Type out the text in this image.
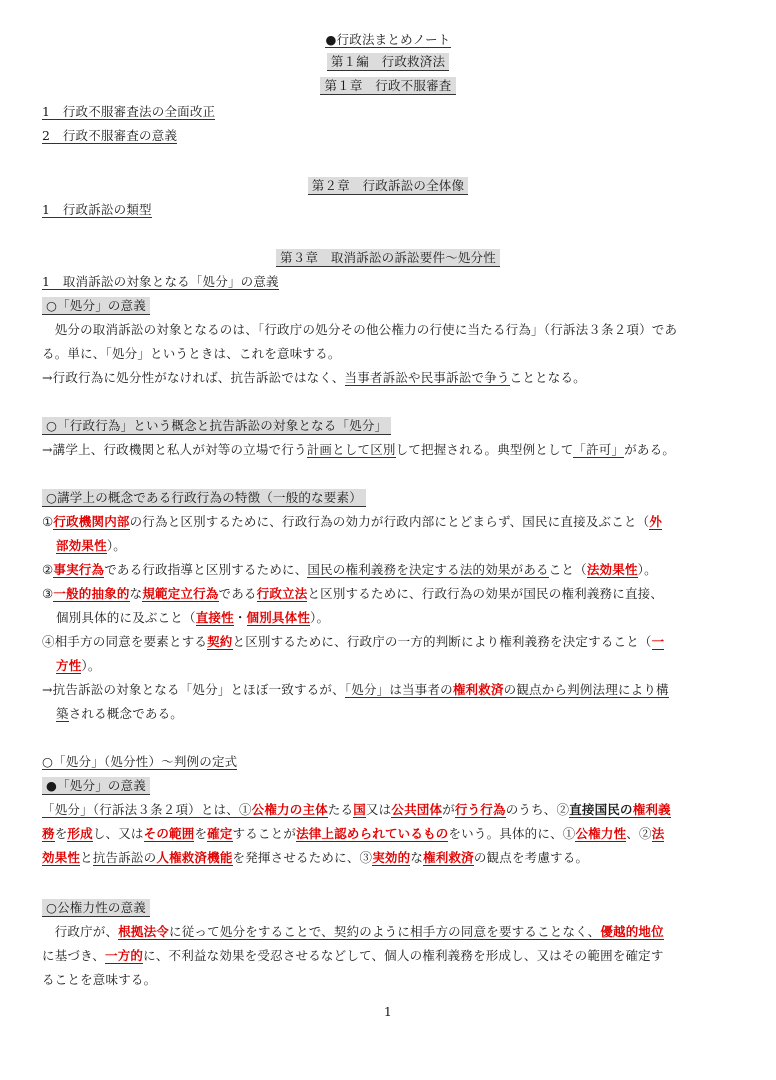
●行政法まとめノート
第１編　行政救済法
第１章　行政不服審査
1　行政不服審査法の全面改正
2　行政不服審査の意義
第２章　行政訴訟の全体像
1　行政訴訟の類型
第３章　取消訴訟の訴訟要件～処分性
1　取消訴訟の対象となる「処分」の意義
○「処分」の意義
　処分の取消訴訟の対象となるのは、「行政庁の処分その他公権力の行使に当たる行為」（行訴法３条２項）であ
る。単に、「処分」というときは、これを意味する。
→行政行為に処分性がなければ、抗告訴訟ではなく、当事者訴訟や民事訴訟で争うこととなる。
○「行政行為」という概念と抗告訴訟の対象となる「処分」
→講学上、行政機関と私人が対等の立場で行う計画として区別して把握される。典型例として「許可」がある。
○講学上の概念である行政行為の特徴（一般的な要素）
①行政機関内部の行為と区別するために、行政行為の効力が行政内部にとどまらず、国民に直接及ぶこと（外
部効果性）。
②事実行為である行政指導と区別するために、国民の権利義務を決定する法的効果があること（法効果性）。
③一般的抽象的な規範定立行為である行政立法と区別するために、行政行為の効果が国民の権利義務に直接、
個別具体的に及ぶこと（直接性・個別具体性）。
④相手方の同意を要素とする契約と区別するために、行政庁の一方的判断により権利義務を決定すること（一
方性）。
→抗告訴訟の対象となる「処分」とほぼ一致するが、「処分」は当事者の権利救済の観点から判例法理により構
築される概念である。
○「処分」（処分性）～判例の定式
●「処分」の意義
「処分」（行訴法３条２項）とは、①公権力の主体たる国又は公共団体が行う行為のうち、②直接国民の権利義
務を形成し、又はその範囲を確定することが法律上認められているものをいう。具体的に、①公権力性、②法
効果性と抗告訴訟の人権救済機能を発揮させるために、③実効的な権利救済の観点を考慮する。
○公権力性の意義
　行政庁が、根拠法令に従って処分をすることで、契約のように相手方の同意を要することなく、優越的地位
に基づき、一方的に、不利益な効果を受忍させるなどして、個人の権利義務を形成し、又はその範囲を確定す
ることを意味する。
1
